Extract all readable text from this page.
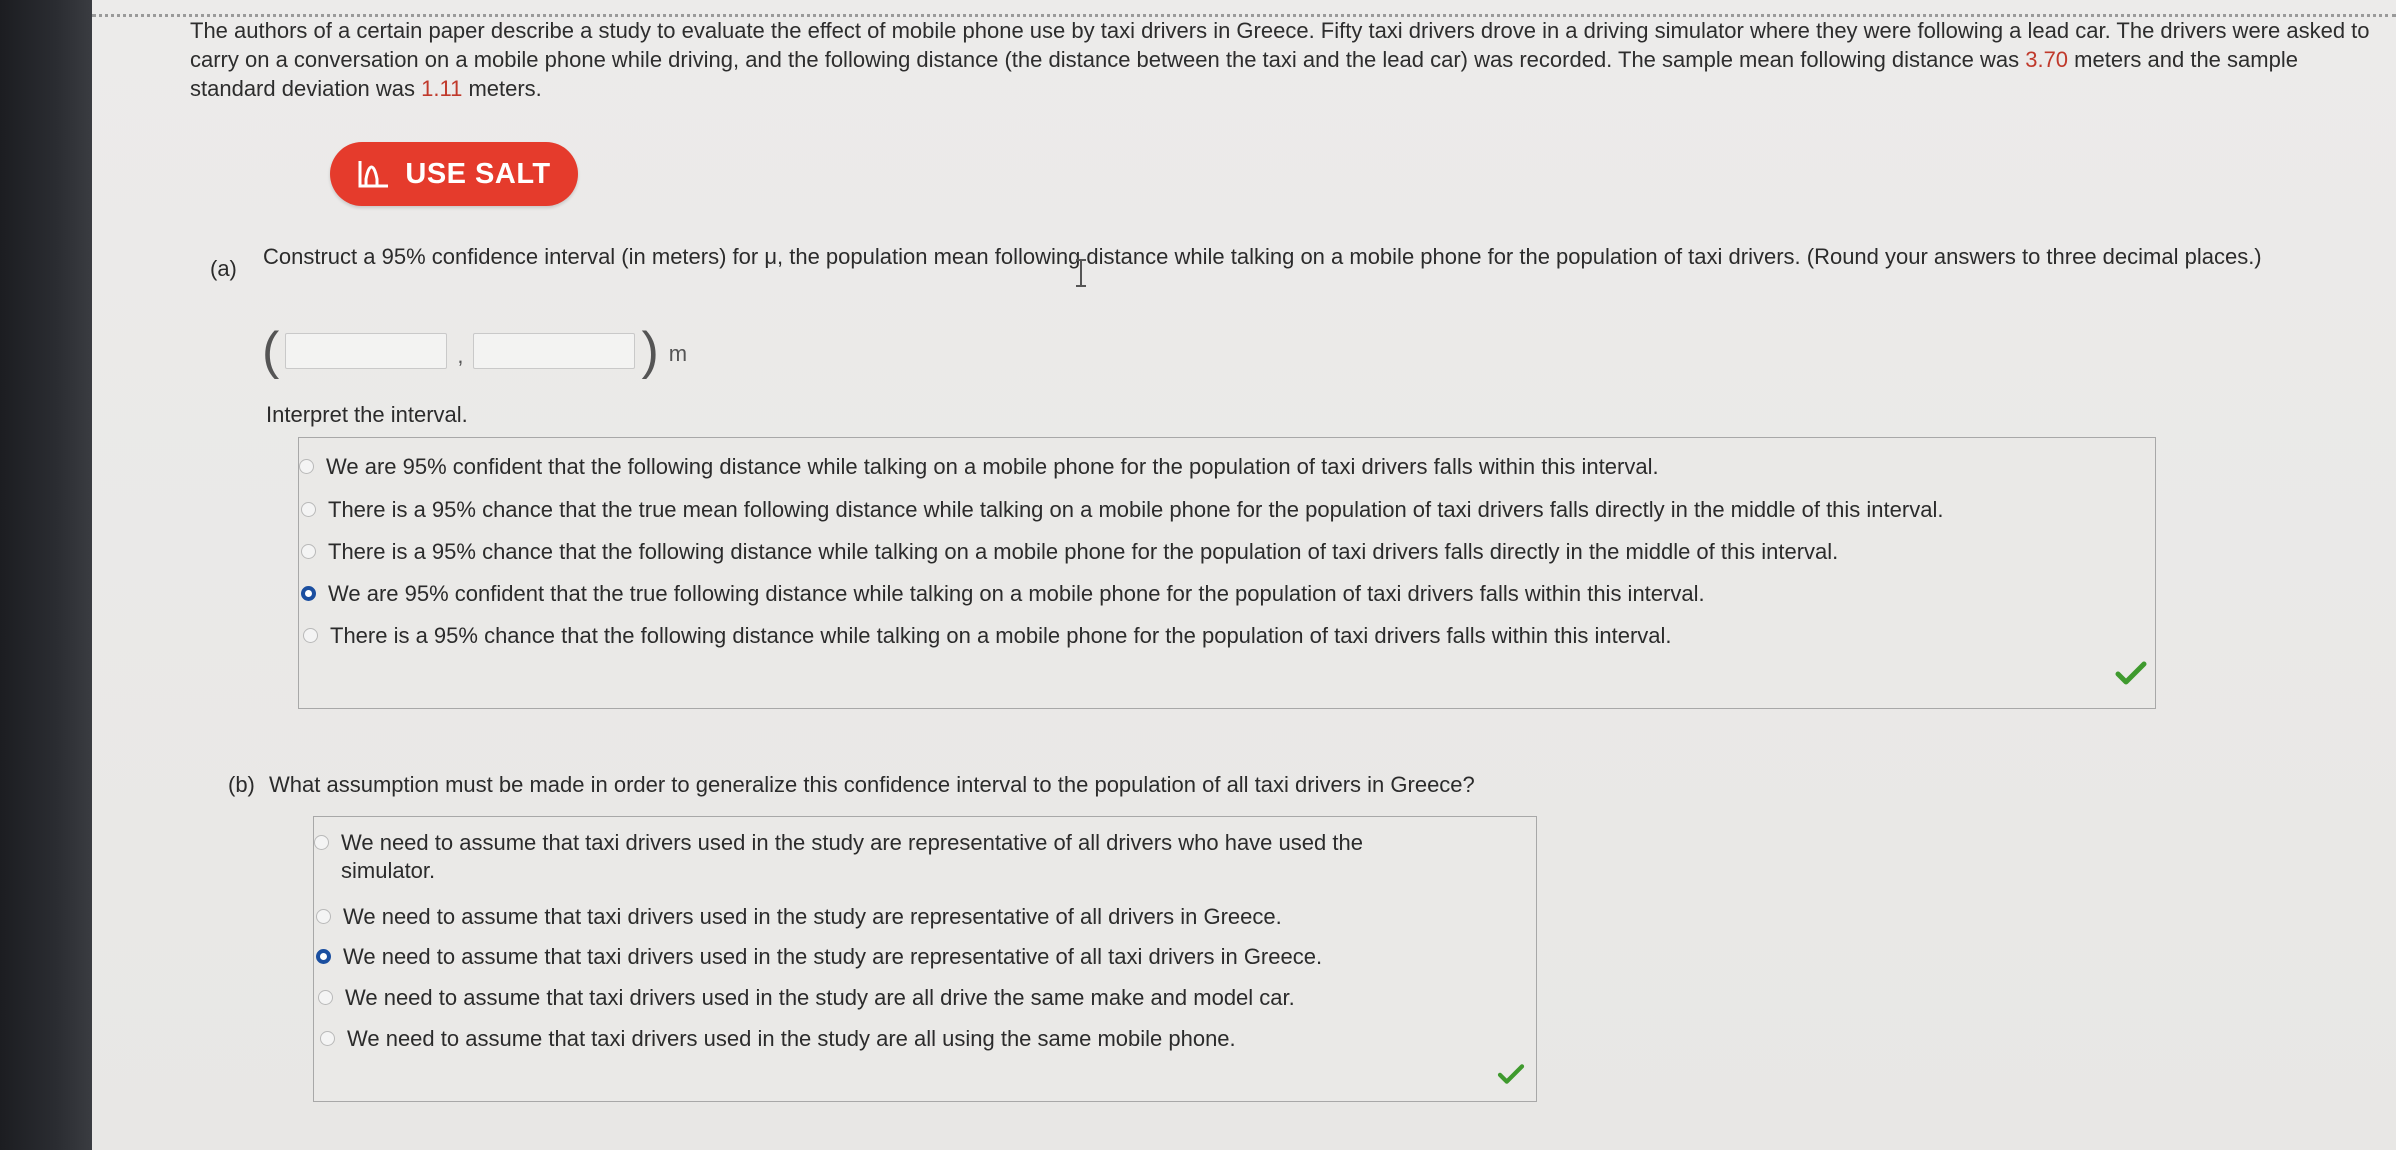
The authors of a certain paper describe a study to evaluate the effect of mobile phone use by taxi drivers in Greece. Fifty taxi drivers drove in a driving simulator where they were following a lead car. The drivers were asked to carry on a conversation on a mobile phone while driving, and the following distance (the distance between the taxi and the lead car) was recorded. The sample mean following distance was 3.70 meters and the sample standard deviation was 1.11 meters.
USE SALT
(a) Construct a 95% confidence interval (in meters) for μ, the population mean following distance while talking on a mobile phone for the population of taxi drivers. (Round your answers to three decimal places.)
(	,	) m
Interpret the interval.
We are 95% confident that the following distance while talking on a mobile phone for the population of taxi drivers falls within this interval.
There is a 95% chance that the true mean following distance while talking on a mobile phone for the population of taxi drivers falls directly in the middle of this interval.
There is a 95% chance that the following distance while talking on a mobile phone for the population of taxi drivers falls directly in the middle of this interval.
We are 95% confident that the true following distance while talking on a mobile phone for the population of taxi drivers falls within this interval.
There is a 95% chance that the following distance while talking on a mobile phone for the population of taxi drivers falls within this interval.
(b) What assumption must be made in order to generalize this confidence interval to the population of all taxi drivers in Greece?
We need to assume that taxi drivers used in the study are representative of all drivers who have used the simulator.
We need to assume that taxi drivers used in the study are representative of all drivers in Greece.
We need to assume that taxi drivers used in the study are representative of all taxi drivers in Greece.
We need to assume that taxi drivers used in the study are all drive the same make and model car.
We need to assume that taxi drivers used in the study are all using the same mobile phone.
